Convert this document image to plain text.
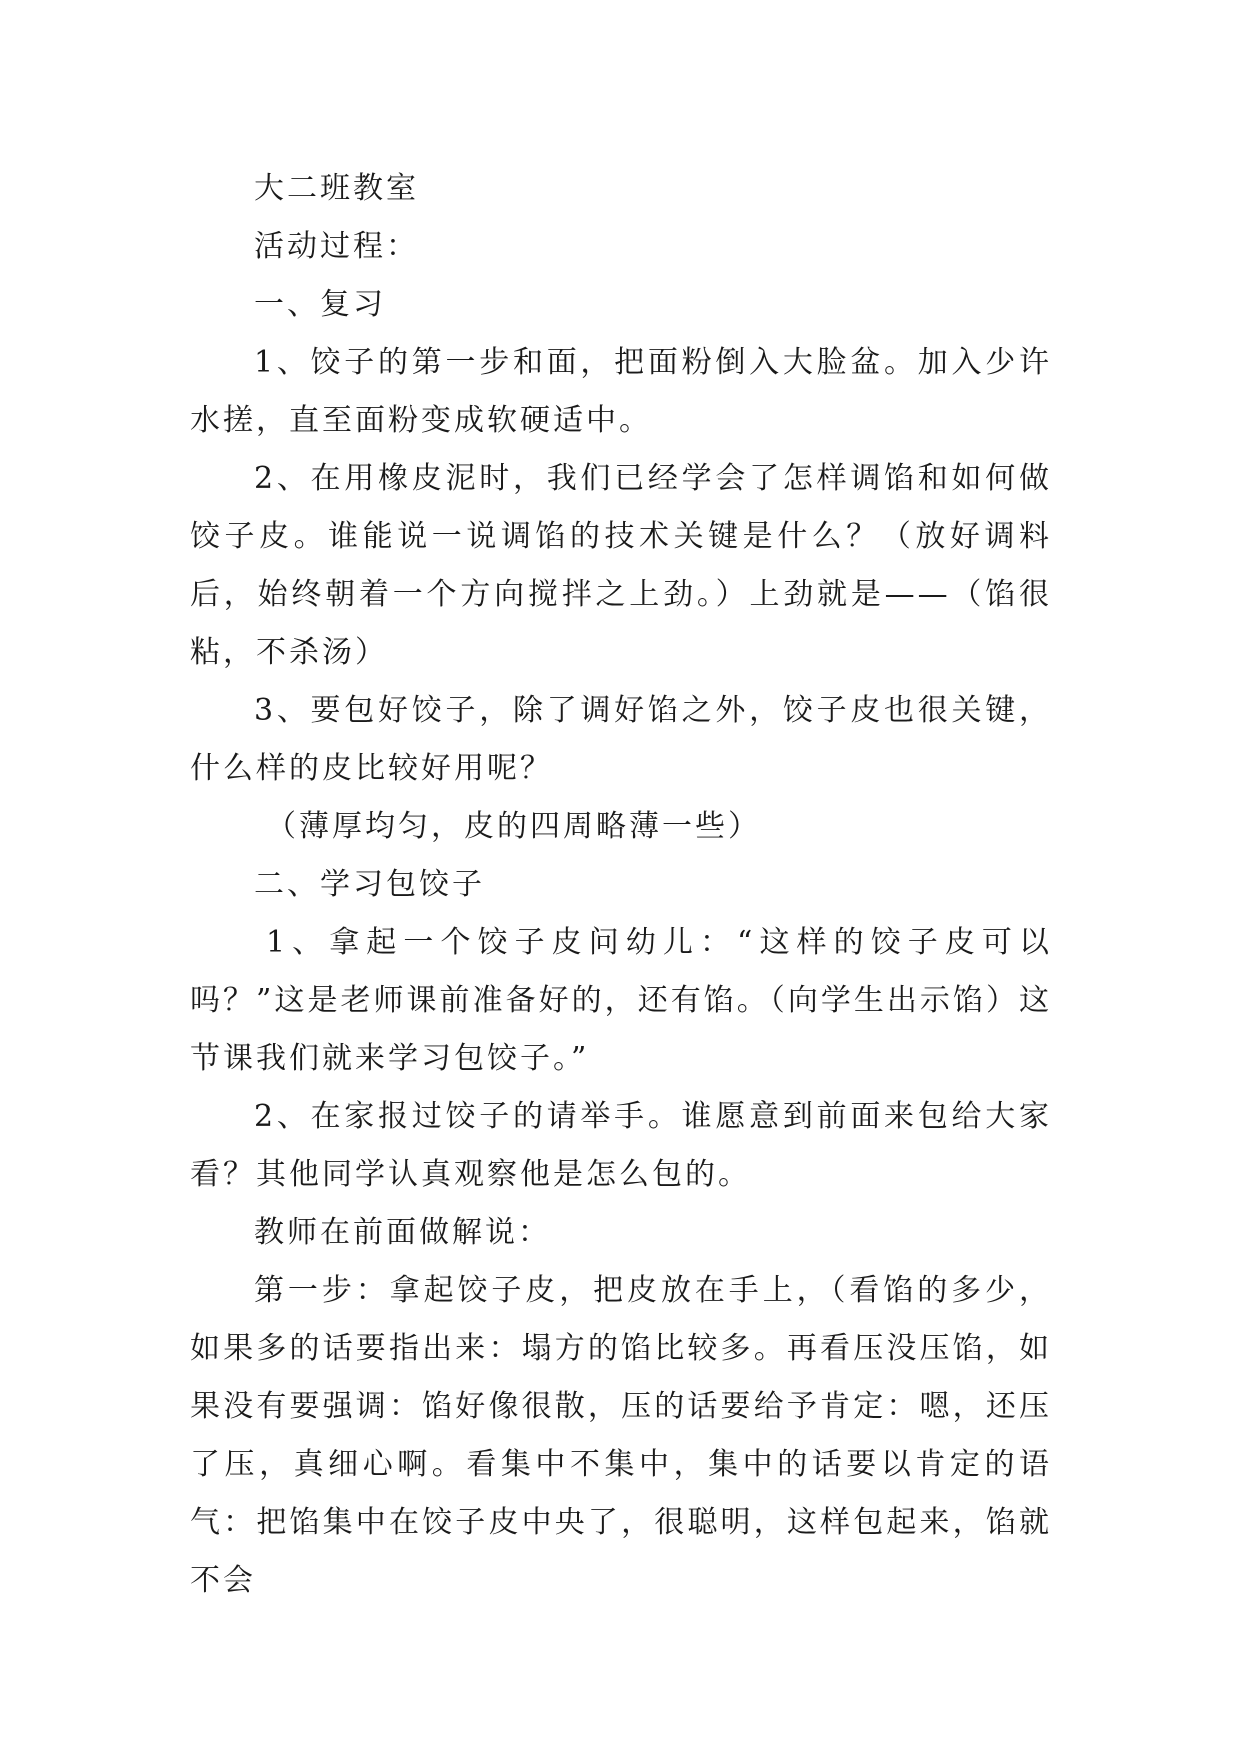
大二班教室

活动过程：

一、复习

1、饺子的第一步和面，把面粉倒入大脸盆。加入少许水搓，直至面粉变成软硬适中。

2、在用橡皮泥时，我们已经学会了怎样调馅和如何做饺子皮。谁能说一说调馅的技术关键是什么？（放好调料后，始终朝着一个方向搅拌之上劲。）上劲就是——（馅很粘，不杀汤）

3、要包好饺子，除了调好馅之外，饺子皮也很关键，什么样的皮比较好用呢？

（薄厚均匀，皮的四周略薄一些）

二、学习包饺子

1、拿起一个饺子皮问幼儿：“这样的饺子皮可以吗？”这是老师课前准备好的，还有馅。（向学生出示馅）这节课我们就来学习包饺子。”

2、在家报过饺子的请举手。谁愿意到前面来包给大家看？其他同学认真观察他是怎么包的。

教师在前面做解说：

第一步：拿起饺子皮，把皮放在手上，（看馅的多少，如果多的话要指出来：塌方的馅比较多。再看压没压馅，如果没有要强调：馅好像很散，压的话要给予肯定：嗯，还压了压，真细心啊。看集中不集中，集中的话要以肯定的语气：把馅集中在饺子皮中央了，很聪明，这样包起来，馅就不会
